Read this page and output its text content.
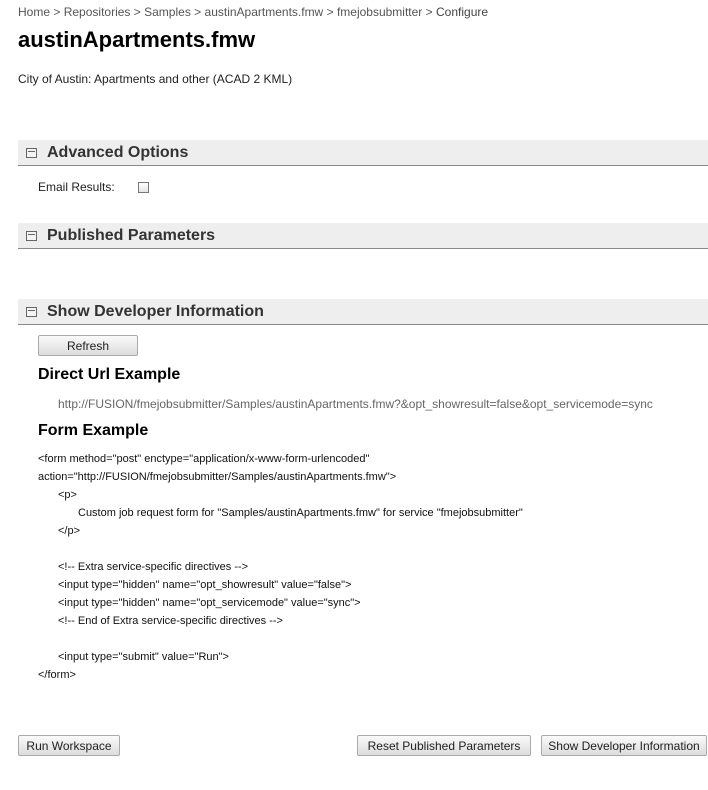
Home > Repositories > Samples > austinApartments.fmw > fmejobsubmitter > Configure
austinApartments.fmw
City of Austin: Apartments and other (ACAD 2 KML)
Advanced Options
Email Results:
Published Parameters
Show Developer Information
Refresh
Direct Url Example
http://FUSION/fmejobsubmitter/Samples/austinApartments.fmw?&opt_showresult=false&opt_servicemode=sync
Form Example
<form method="post" enctype="application/x-www-form-urlencoded"
action="http://FUSION/fmejobsubmitter/Samples/austinApartments.fmw">
<p>
Custom job request form for "Samples/austinApartments.fmw" for service "fmejobsubmitter"
</p>
<!-- Extra service-specific directives -->
<input type="hidden" name="opt_showresult" value="false">
<input type="hidden" name="opt_servicemode" value="sync">
<!-- End of Extra service-specific directives -->
<input type="submit" value="Run">
</form>
Run Workspace	Reset Published Parameters	Show Developer Information
